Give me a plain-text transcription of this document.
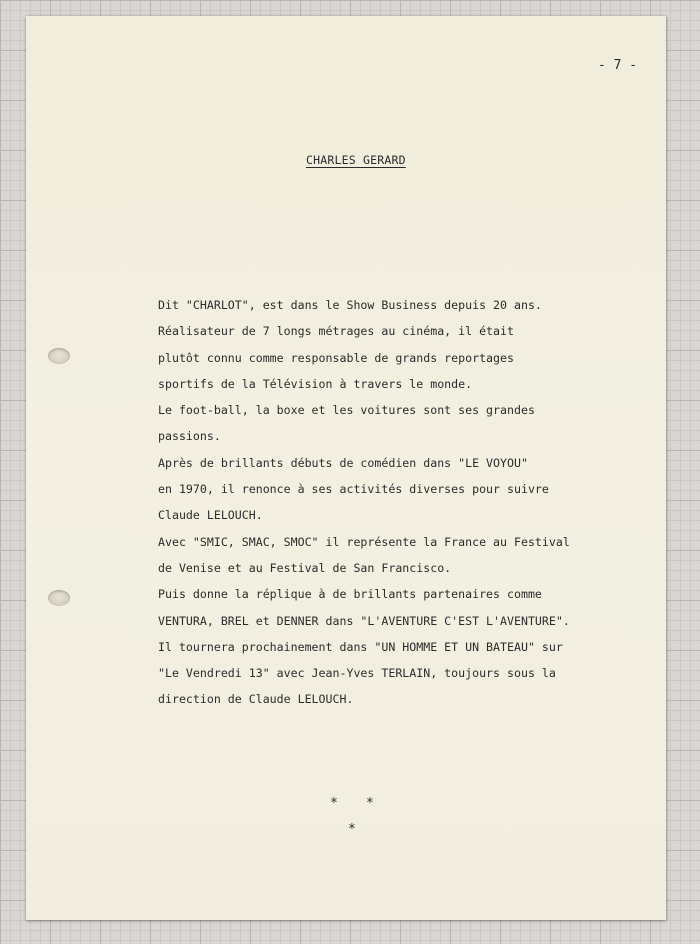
- 7 -
CHARLES GERARD
Dit "CHARLOT", est dans le Show Business depuis 20 ans.
Réalisateur de 7 longs métrages au cinéma, il était
plutôt connu comme responsable de grands reportages
sportifs de la Télévision à travers le monde.
Le foot-ball, la boxe et les voitures sont ses grandes
passions.
Après de brillants débuts de comédien dans "LE VOYOU"
en 1970, il renonce à ses activités diverses pour suivre
Claude LELOUCH.
Avec "SMIC, SMAC, SMOC" il représente la France au Festival
de Venise et au Festival de San Francisco.
Puis donne la réplique à de brillants partenaires comme
VENTURA, BREL et DENNER dans "L'AVENTURE C'EST L'AVENTURE".
Il tournera prochainement dans "UN HOMME ET UN BATEAU" sur
"Le Vendredi 13" avec Jean-Yves TERLAIN, toujours sous la
direction de Claude LELOUCH.
* *
*
